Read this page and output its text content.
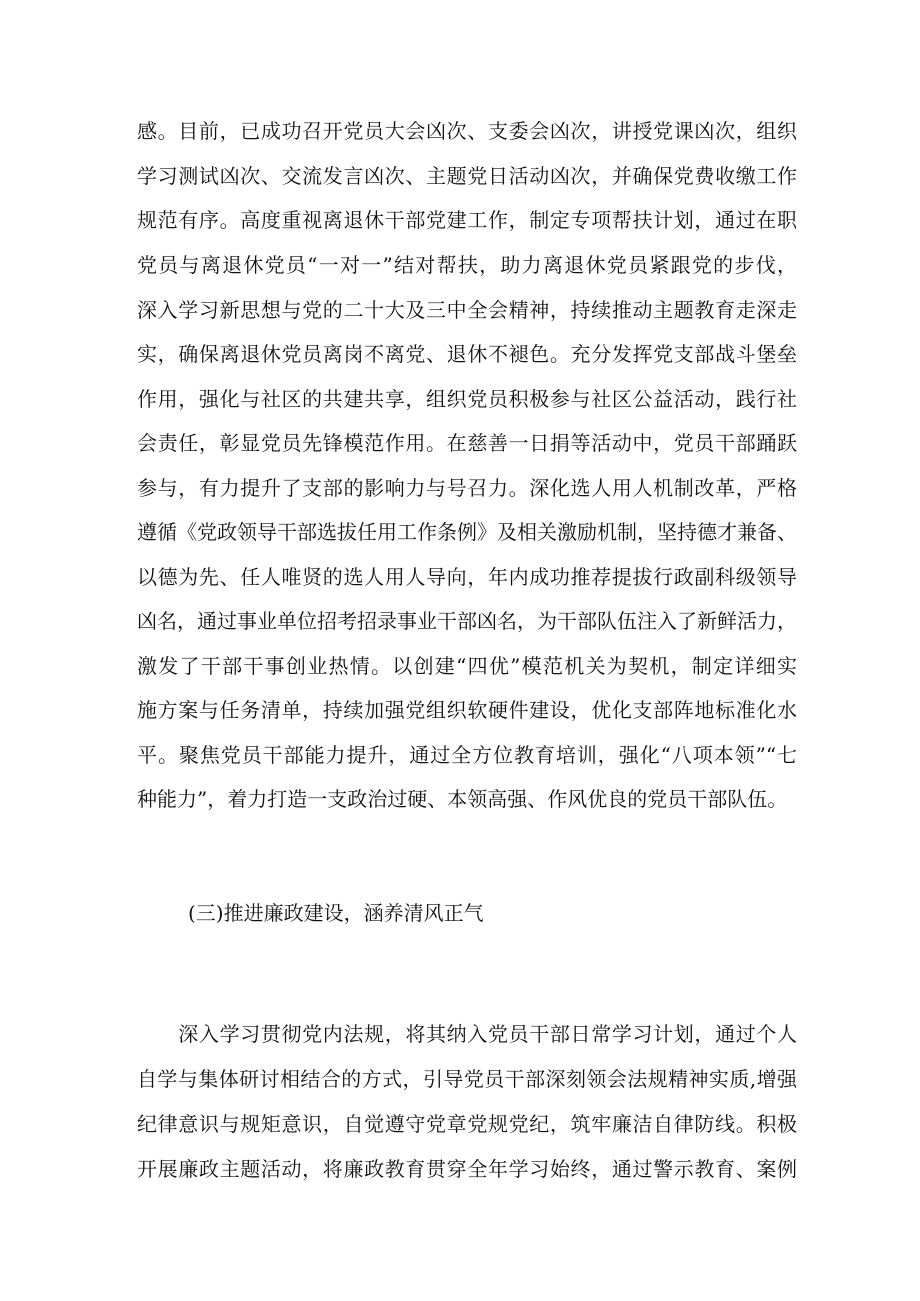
感。目前，已成功召开党员大会凶次、支委会凶次，讲授党课凶次，组织
学习测试凶次、交流发言凶次、主题党日活动凶次，并确保党费收缴工作
规范有序。高度重视离退休干部党建工作，制定专项帮扶计划，通过在职
党员与离退休党员“一对一”结对帮扶，助力离退休党员紧跟党的步伐，
深入学习新思想与党的二十大及三中全会精神，持续推动主题教育走深走
实，确保离退休党员离岗不离党、退休不褪色。充分发挥党支部战斗堡垒
作用，强化与社区的共建共享，组织党员积极参与社区公益活动，践行社
会责任，彰显党员先锋模范作用。在慈善一日捐等活动中，党员干部踊跃
参与，有力提升了支部的影响力与号召力。深化选人用人机制改革，严格
遵循《党政领导干部选拔任用工作条例》及相关激励机制，坚持德才兼备、
以德为先、任人唯贤的选人用人导向，年内成功推荐提拔行政副科级领导
凶名，通过事业单位招考招录事业干部凶名，为干部队伍注入了新鲜活力，
激发了干部干事创业热情。以创建“四优”模范机关为契机，制定详细实
施方案与任务清单，持续加强党组织软硬件建设，优化支部阵地标准化水
平。聚焦党员干部能力提升，通过全方位教育培训，强化“八项本领”“七
种能力”，着力打造一支政治过硬、本领高强、作风优良的党员干部队伍。
(三)推进廉政建设，涵养清风正气
　　深入学习贯彻党内法规，将其纳入党员干部日常学习计划，通过个人
自学与集体研讨相结合的方式，引导党员干部深刻领会法规精神实质,增强
纪律意识与规矩意识，自觉遵守党章党规党纪，筑牢廉洁自律防线。积极
开展廉政主题活动，将廉政教育贯穿全年学习始终，通过警示教育、案例
